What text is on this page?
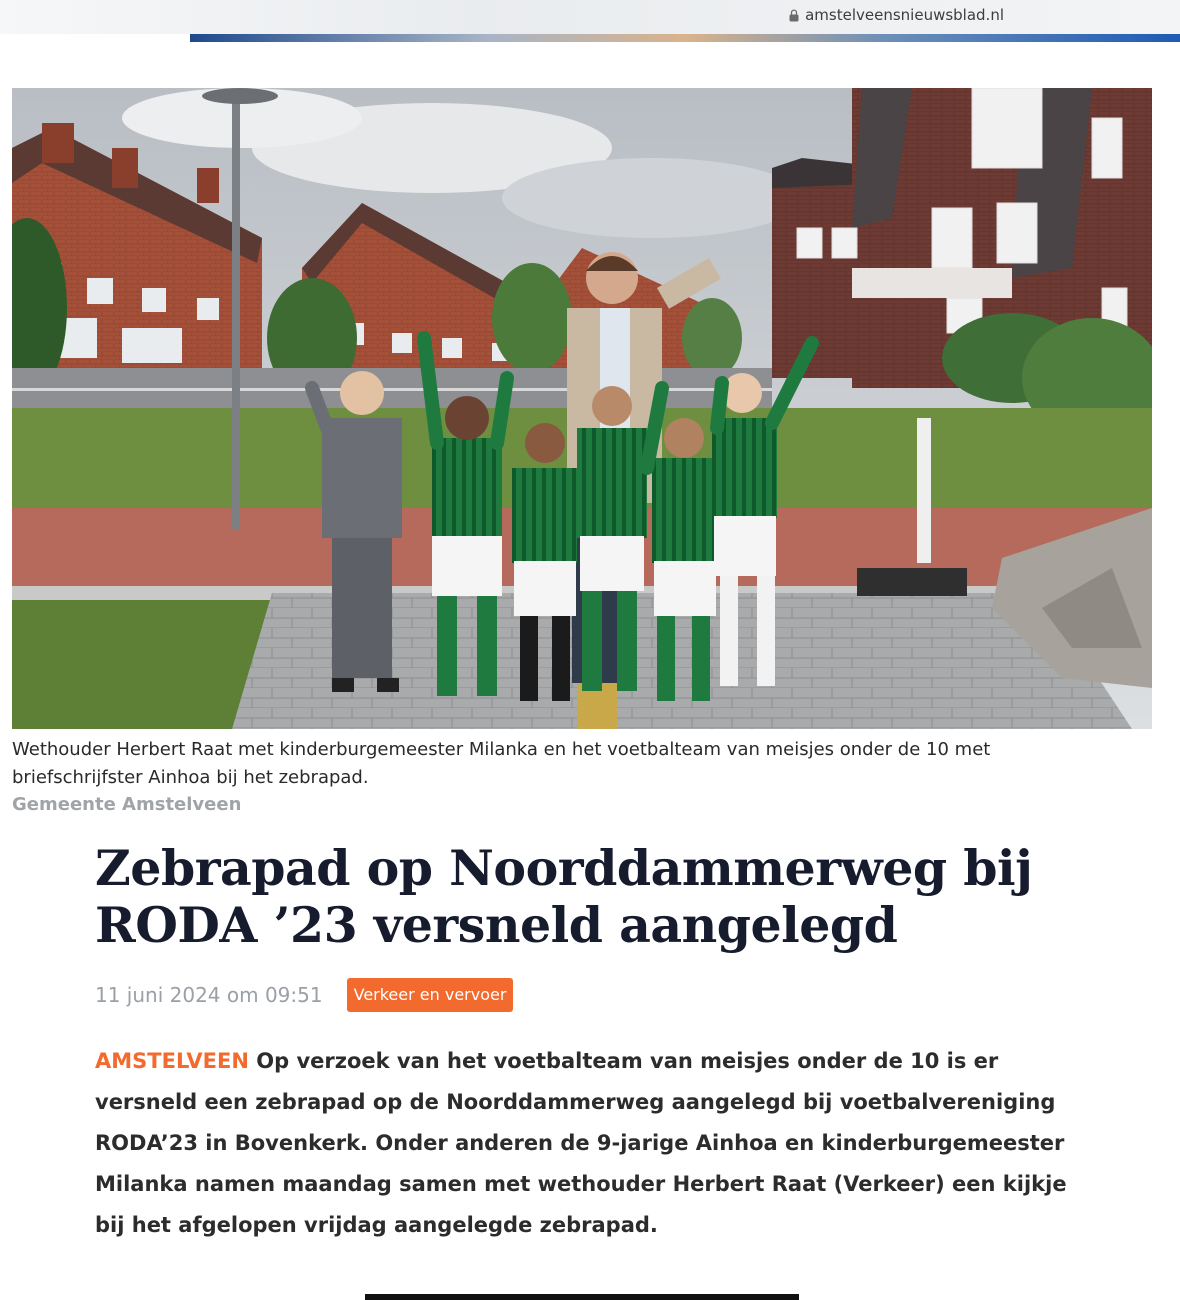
amstelveensnieuwsblad.nl
Wethouder Herbert Raat met kinderburgemeester Milanka en het voetbalteam van meisjes onder de 10 met briefschrijfster Ainhoa bij het zebrapad.
Gemeente Amstelveen
Zebrapad op Noorddammerweg bij RODA ’23 versneld aangelegd
11 juni 2024 om 09:51	Verkeer en vervoer

AMSTELVEEN Op verzoek van het voetbalteam van meisjes onder de 10 is er versneld een zebrapad op de Noorddammerweg aangelegd bij voetbalvereniging RODA’23 in Bovenkerk. Onder anderen de 9-jarige Ainhoa en kinderburgemeester Milanka namen maandag samen met wethouder Herbert Raat (Verkeer) een kijkje bij het afgelopen vrijdag aangelegde zebrapad.
